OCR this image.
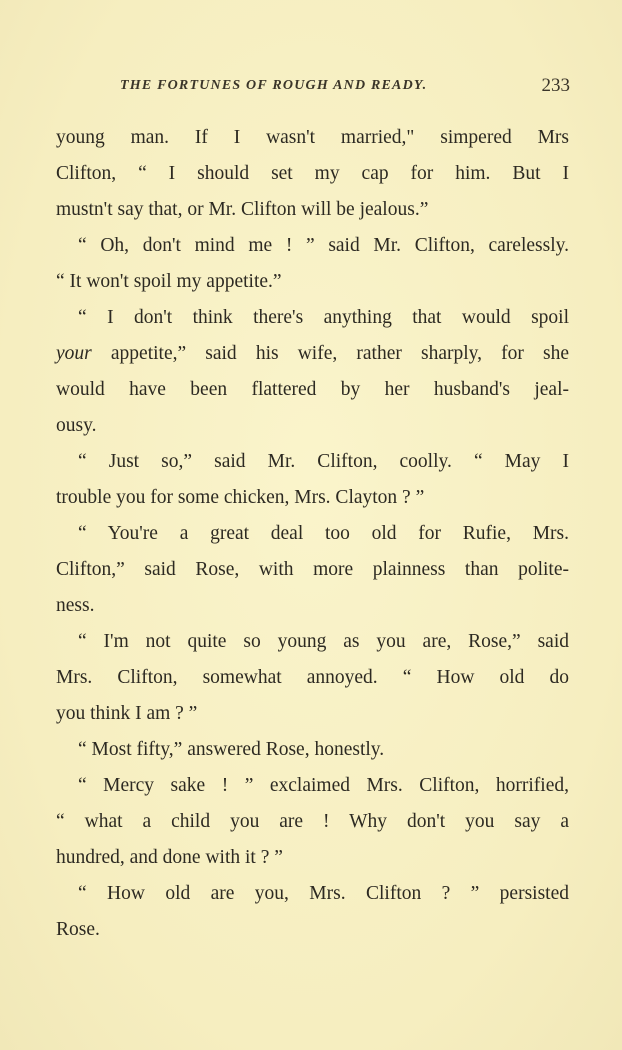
THE FORTUNES OF ROUGH AND READY.	233
young man. If I wasn't married," simpered Mrs
Clifton, “ I should set my cap for him. But I
mustn't say that, or Mr. Clifton will be jealous.”
“ Oh, don't mind me ! ” said Mr. Clifton, carelessly.
“ It won't spoil my appetite.”
“ I don't think there's anything that would spoil
your appetite,” said his wife, rather sharply, for she
would have been flattered by her husband's jeal-
ousy.
“ Just so,” said Mr. Clifton, coolly. “ May I
trouble you for some chicken, Mrs. Clayton ? ”
“ You're a great deal too old for Rufie, Mrs.
Clifton,” said Rose, with more plainness than polite-
ness.
“ I'm not quite so young as you are, Rose,” said
Mrs. Clifton, somewhat annoyed. “ How old do
you think I am ? ”
“ Most fifty,” answered Rose, honestly.
“ Mercy sake ! ” exclaimed Mrs. Clifton, horrified,
“ what a child you are ! Why don't you say a
hundred, and done with it ? ”
“ How old are you, Mrs. Clifton ? ” persisted
Rose.
